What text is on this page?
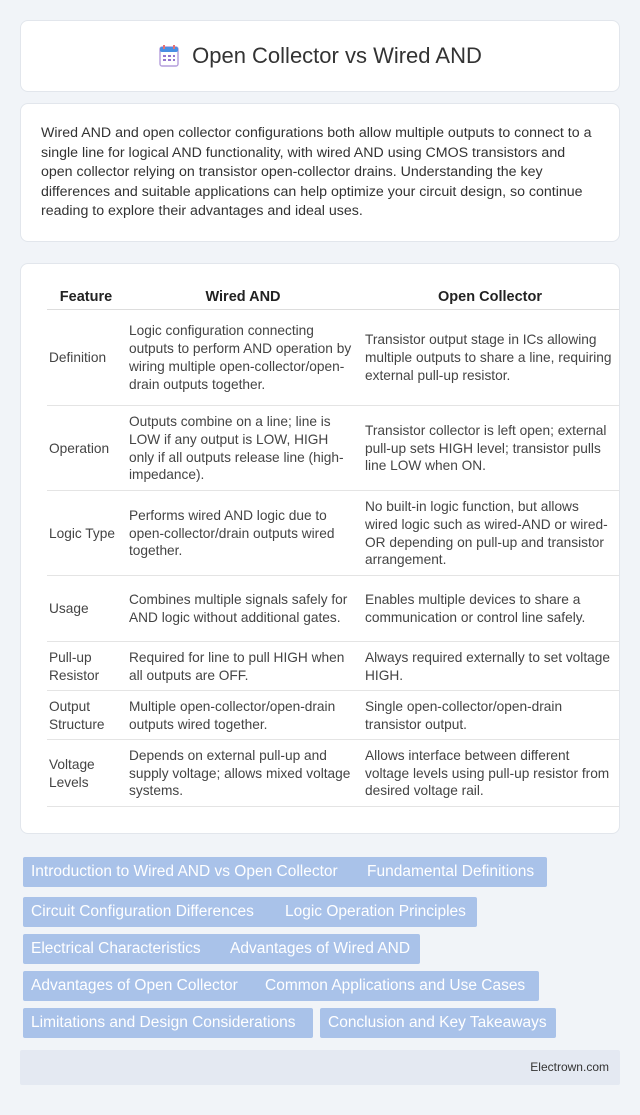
Open Collector vs Wired AND

Wired AND and open collector configurations both allow multiple outputs to connect to a single line for logical AND functionality, with wired AND using CMOS transistors and open collector relying on transistor open-collector drains. Understanding the key differences and suitable applications can help optimize your circuit design, so continue reading to explore their advantages and ideal uses.

Feature	Wired AND	Open Collector
Definition	Logic configuration connecting outputs to perform AND operation by wiring multiple open-collector/open-drain outputs together.	Transistor output stage in ICs allowing multiple outputs to share a line, requiring external pull-up resistor.
Operation	Outputs combine on a line; line is LOW if any output is LOW, HIGH only if all outputs release line (high-impedance).	Transistor collector is left open; external pull-up sets HIGH level; transistor pulls line LOW when ON.
Logic Type	Performs wired AND logic due to open-collector/drain outputs wired together.	No built-in logic function, but allows wired logic such as wired-AND or wired-OR depending on pull-up and transistor arrangement.
Usage	Combines multiple signals safely for AND logic without additional gates.	Enables multiple devices to share a communication or control line safely.
Pull-up Resistor	Required for line to pull HIGH when all outputs are OFF.	Always required externally to set voltage HIGH.
Output Structure	Multiple open-collector/open-drain outputs wired together.	Single open-collector/open-drain transistor output.
Voltage Levels	Depends on external pull-up and supply voltage; allows mixed voltage systems.	Allows interface between different voltage levels using pull-up resistor from desired voltage rail.
Introduction to Wired AND vs Open Collector	Fundamental Definitions
Circuit Configuration Differences	Logic Operation Principles
Electrical Characteristics	Advantages of Wired AND
Advantages of Open Collector	Common Applications and Use Cases
Limitations and Design Considerations	Conclusion and Key Takeaways
Electrown.com
